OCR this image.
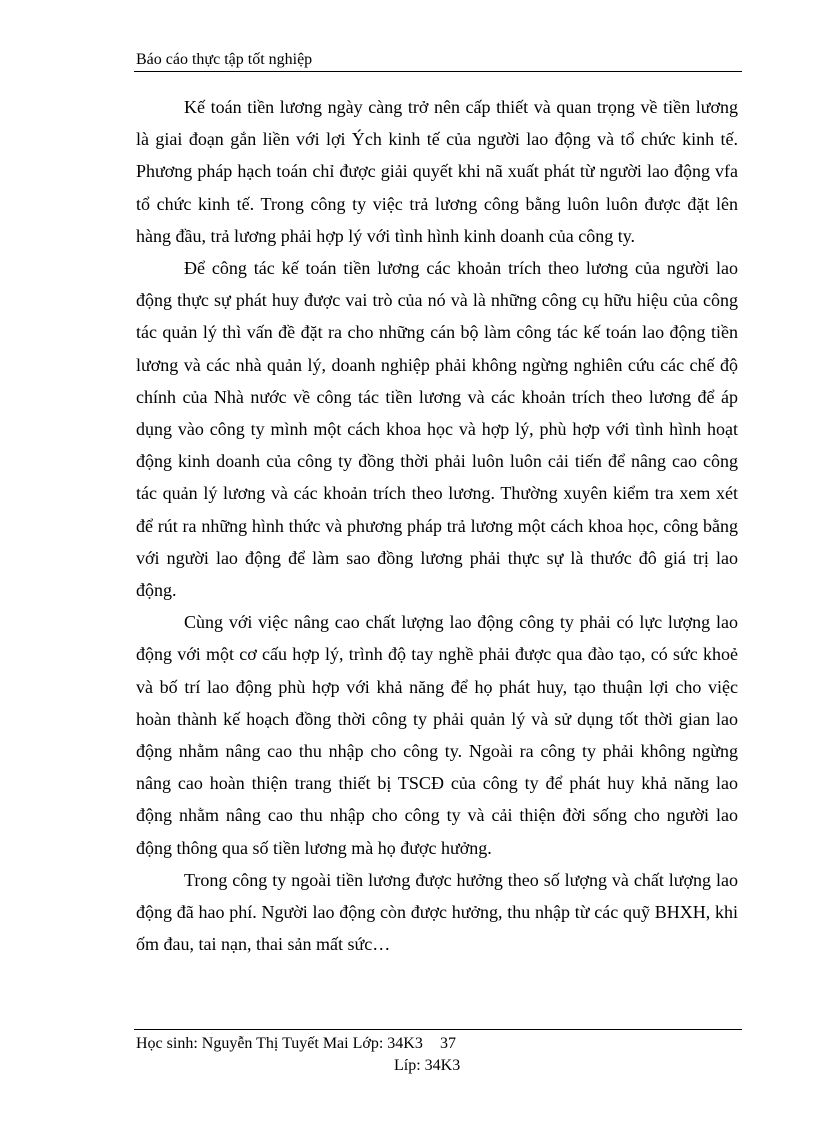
Báo cáo thực tập tốt nghiệp

Kế toán tiền lương ngày càng trở nên cấp thiết và quan trọng về tiền lương là giai đoạn gắn liền với lợi Ých kinh tế của người lao động và tổ chức kinh tế. Phương pháp hạch toán chỉ được giải quyết khi nã xuất phát từ người lao động vfa tổ chức kinh tế. Trong công ty việc trả lương công bằng luôn luôn được đặt lên hàng đầu, trả lương phải hợp lý với tình hình kinh doanh của công ty.

Để công tác kế toán tiền lương các khoản trích theo lương của người lao động thực sự phát huy được vai trò của nó và là những công cụ hữu hiệu của công tác quản lý thì vấn đề đặt ra cho những cán bộ làm công tác kế toán lao động tiền lương và các nhà quản lý, doanh nghiệp phải không ngừng nghiên cứu các chế độ chính của Nhà nước về công tác tiền lương và các khoản trích theo lương để áp dụng vào công ty mình một cách khoa học và hợp lý, phù hợp với tình hình hoạt động kinh doanh của công ty đồng thời phải luôn luôn cải tiến để nâng cao công tác quản lý lương và các khoản trích theo lương. Thường xuyên kiểm tra xem xét để rút ra những hình thức và phương pháp trả lương một cách khoa học, công bằng với người lao động để làm sao đồng lương phải thực sự là thước đô giá trị lao động.

Cùng với việc nâng cao chất lượng lao động công ty phải có lực lượng lao động với một cơ cấu hợp lý, trình độ tay nghề phải được qua đào tạo, có sức khoẻ và bố trí lao động phù hợp với khả năng để họ phát huy, tạo thuận lợi cho việc hoàn thành kế hoạch đồng thời công ty phải quản lý và sử dụng tốt thời gian lao động nhằm nâng cao thu nhập cho công ty. Ngoài ra công ty phải không ngừng nâng cao hoàn thiện trang thiết bị TSCĐ của công ty để phát huy khả năng lao động nhằm nâng cao thu nhập cho công ty và cải thiện đời sống cho người lao động thông qua số tiền lương mà họ được hưởng.

Trong công ty ngoài tiền lương được hưởng theo số lượng và chất lượng lao động đã hao phí. Người lao động còn được hưởng, thu nhập từ các quỹ BHXH, khi ốm đau, tai nạn, thai sản mất sức…

Học sinh: Nguyễn Thị Tuyết Mai Lớp: 34K3 37
Líp: 34K3
